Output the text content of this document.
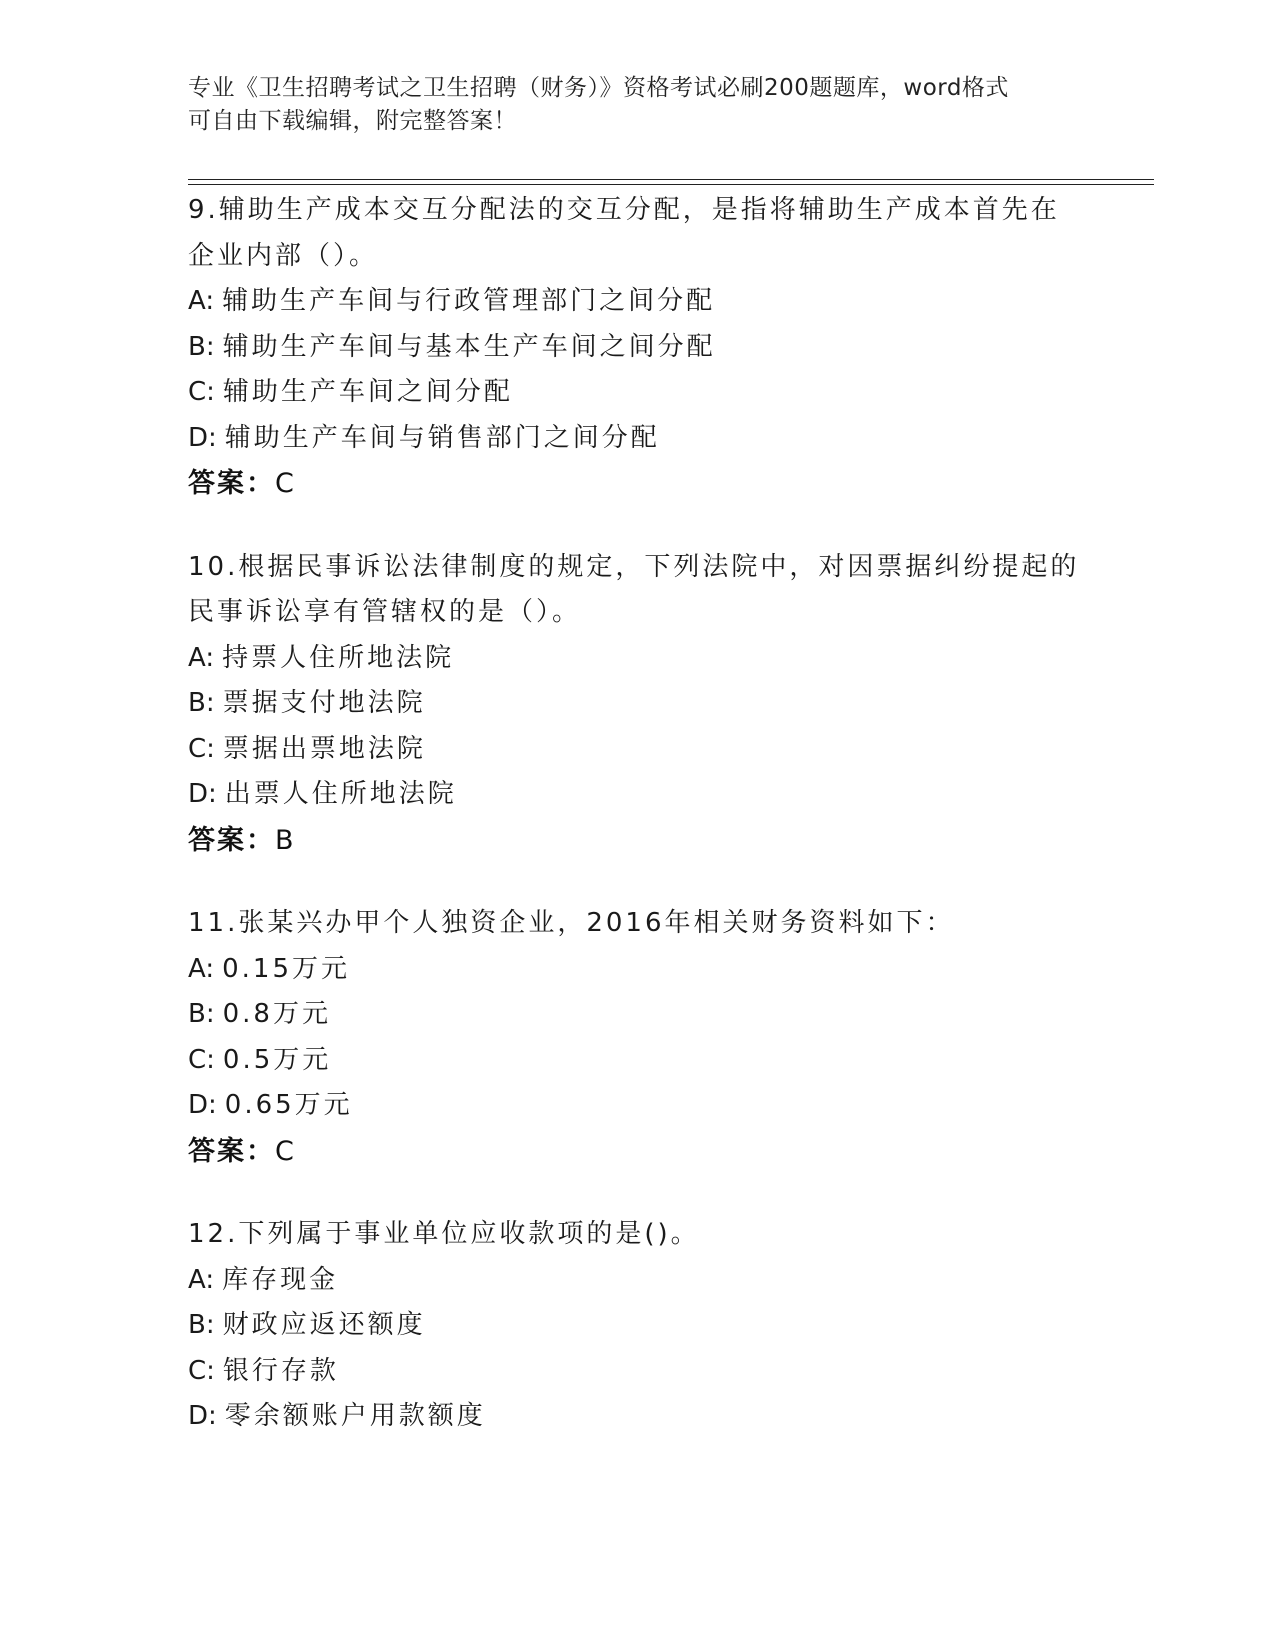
专业《卫生招聘考试之卫生招聘（财务）》资格考试必刷200题题库，word格式
可自由下载编辑，附完整答案！
9.辅助生产成本交互分配法的交互分配，是指将辅助生产成本首先在
企业内部（）。
A: 辅助生产车间与行政管理部门之间分配
B: 辅助生产车间与基本生产车间之间分配
C: 辅助生产车间之间分配
D: 辅助生产车间与销售部门之间分配
答案：C
10.根据民事诉讼法律制度的规定，下列法院中，对因票据纠纷提起的
民事诉讼享有管辖权的是（）。
A: 持票人住所地法院
B: 票据支付地法院
C: 票据出票地法院
D: 出票人住所地法院
答案：B
11.张某兴办甲个人独资企业，2016年相关财务资料如下：
A: 0.15万元
B: 0.8万元
C: 0.5万元
D: 0.65万元
答案：C
12.下列属于事业单位应收款项的是()。
A: 库存现金
B: 财政应返还额度
C: 银行存款
D: 零余额账户用款额度
